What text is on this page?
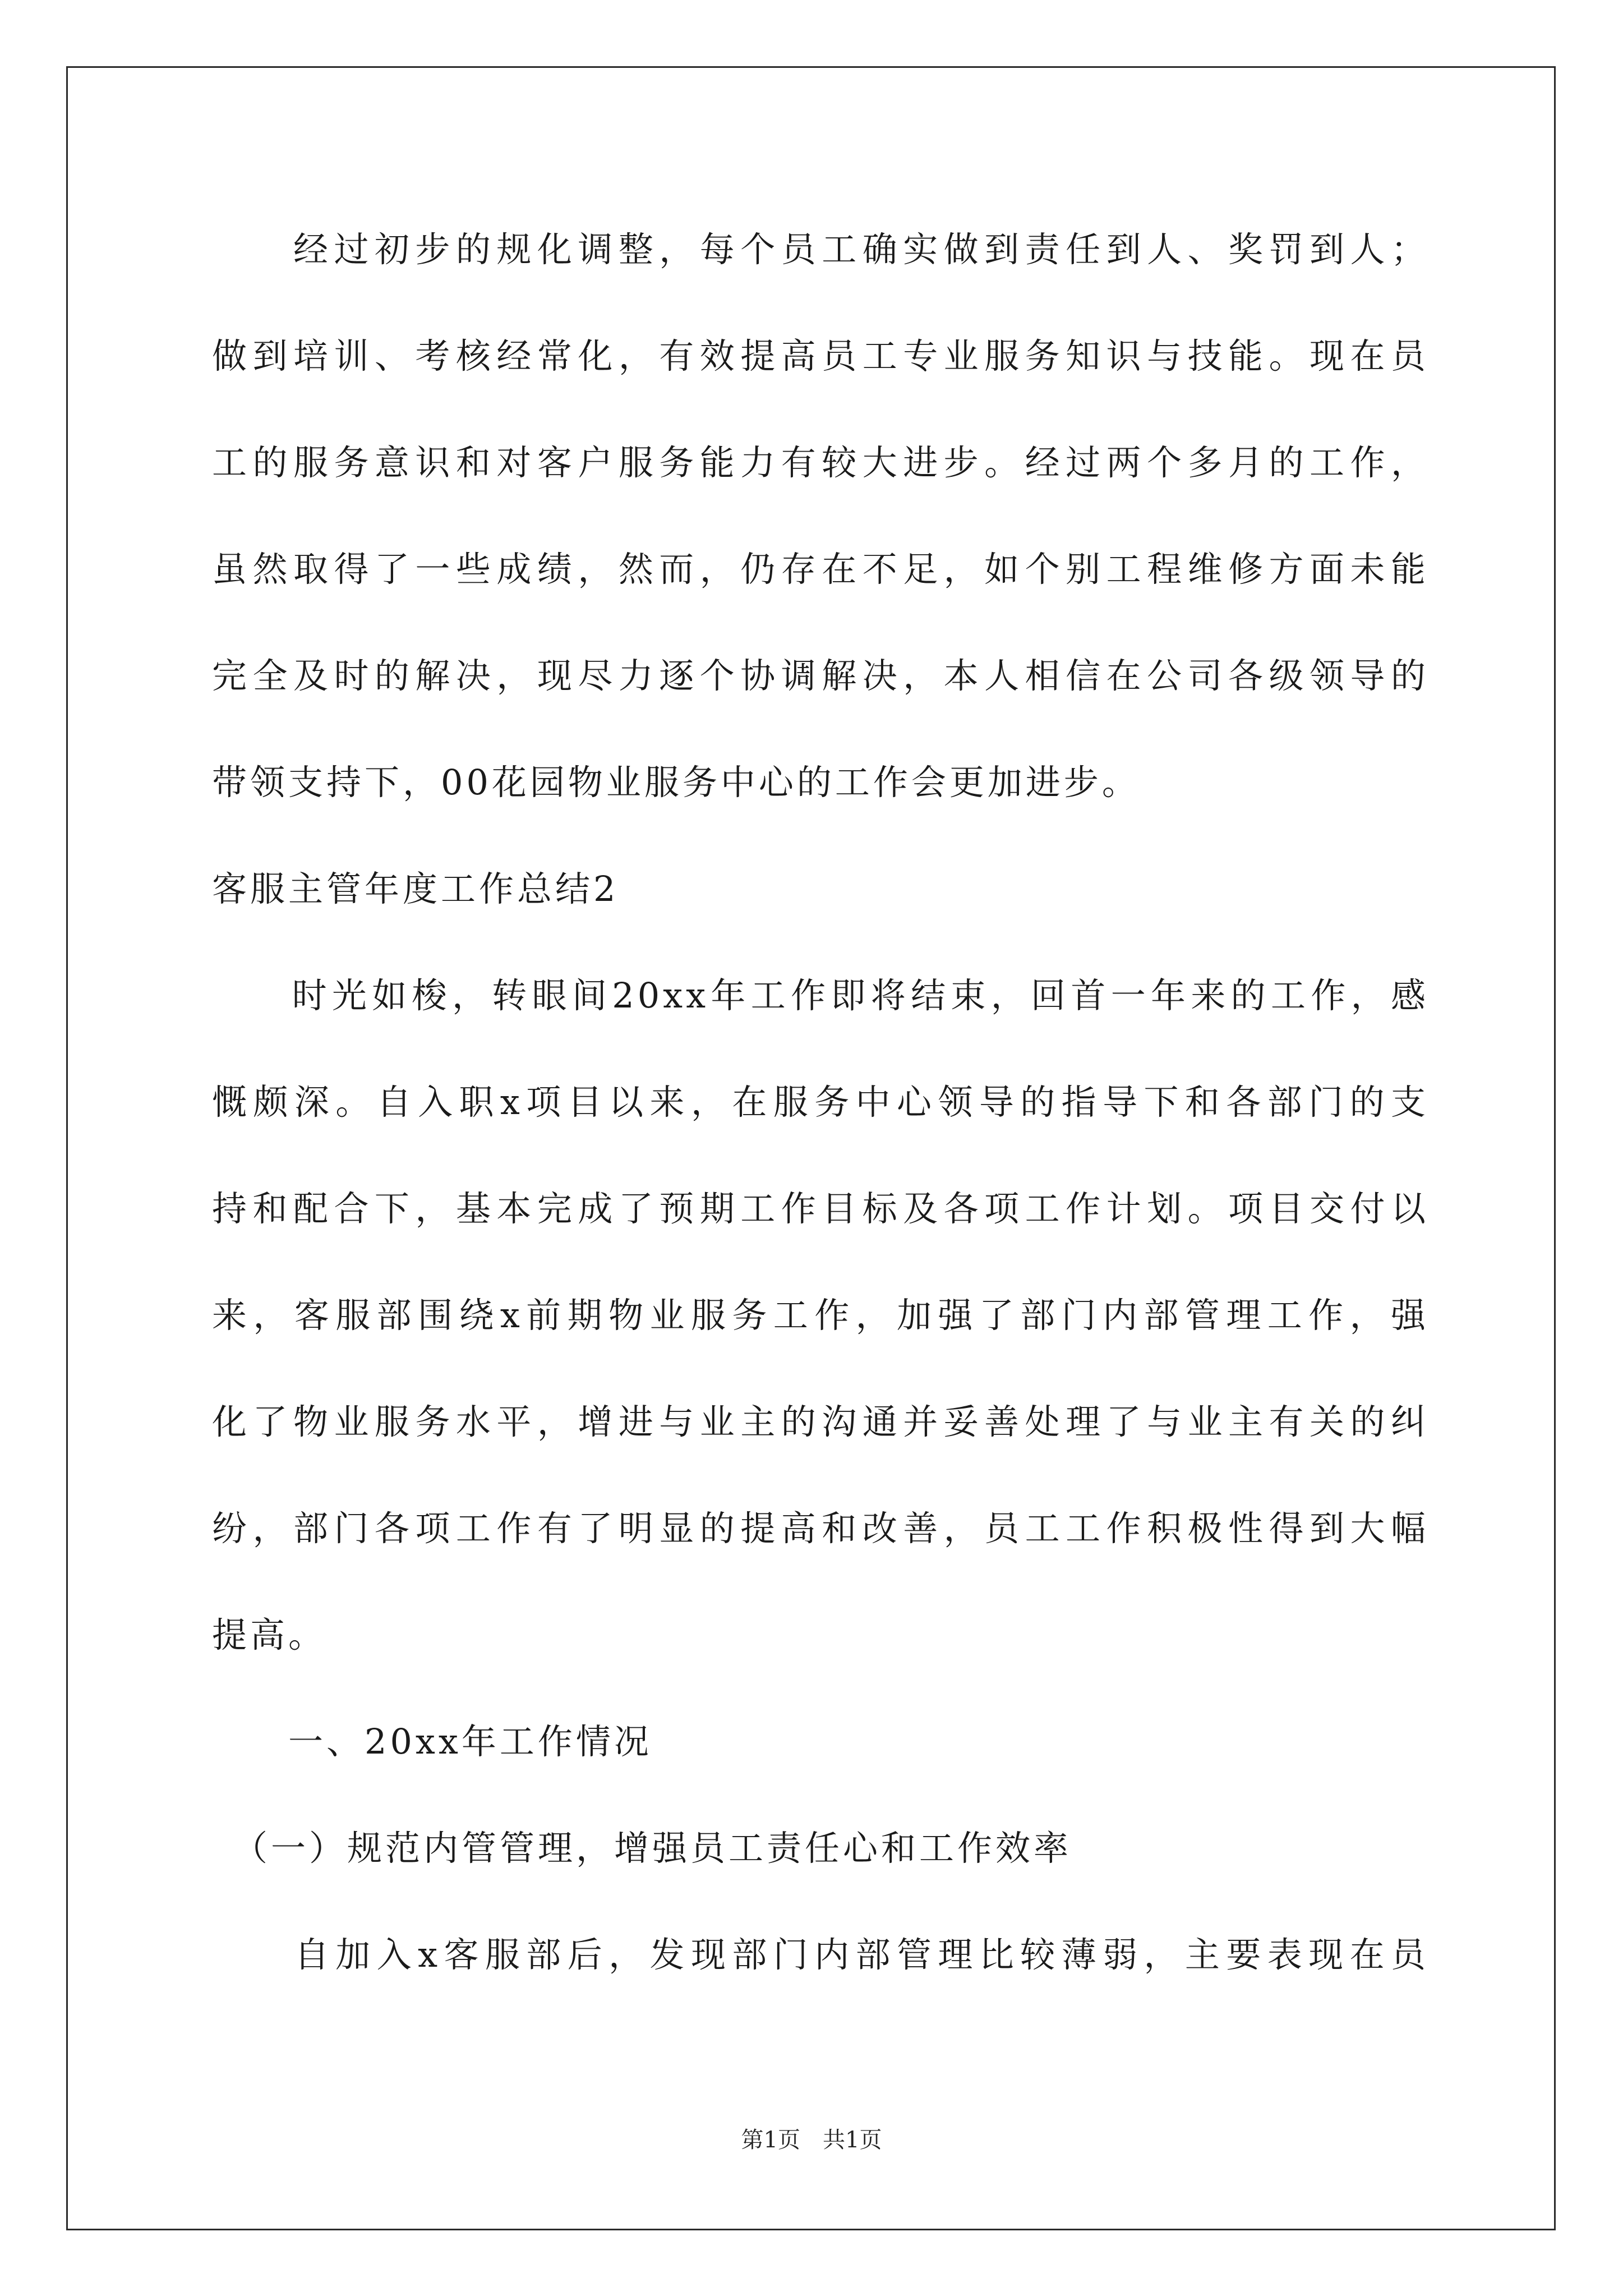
　　经过初步的规化调整，每个员工确实做到责任到人、奖罚到人；
做到培训、考核经常化，有效提高员工专业服务知识与技能。现在员
工的服务意识和对客户服务能力有较大进步。经过两个多月的工作，
虽然取得了一些成绩，然而，仍存在不足，如个别工程维修方面未能
完全及时的解决，现尽力逐个协调解决，本人相信在公司各级领导的
带领支持下，00花园物业服务中心的工作会更加进步。
客服主管年度工作总结2
　　时光如梭，转眼间20xx年工作即将结束，回首一年来的工作，感
慨颇深。自入职x项目以来，在服务中心领导的指导下和各部门的支
持和配合下，基本完成了预期工作目标及各项工作计划。项目交付以
来，客服部围绕x前期物业服务工作，加强了部门内部管理工作，强
化了物业服务水平，增进与业主的沟通并妥善处理了与业主有关的纠
纷，部门各项工作有了明显的提高和改善，员工工作积极性得到大幅
提高。
　　一、20xx年工作情况
　（一）规范内管管理，增强员工责任心和工作效率
　　自加入x客服部后，发现部门内部管理比较薄弱，主要表现在员
第1页　共1页
